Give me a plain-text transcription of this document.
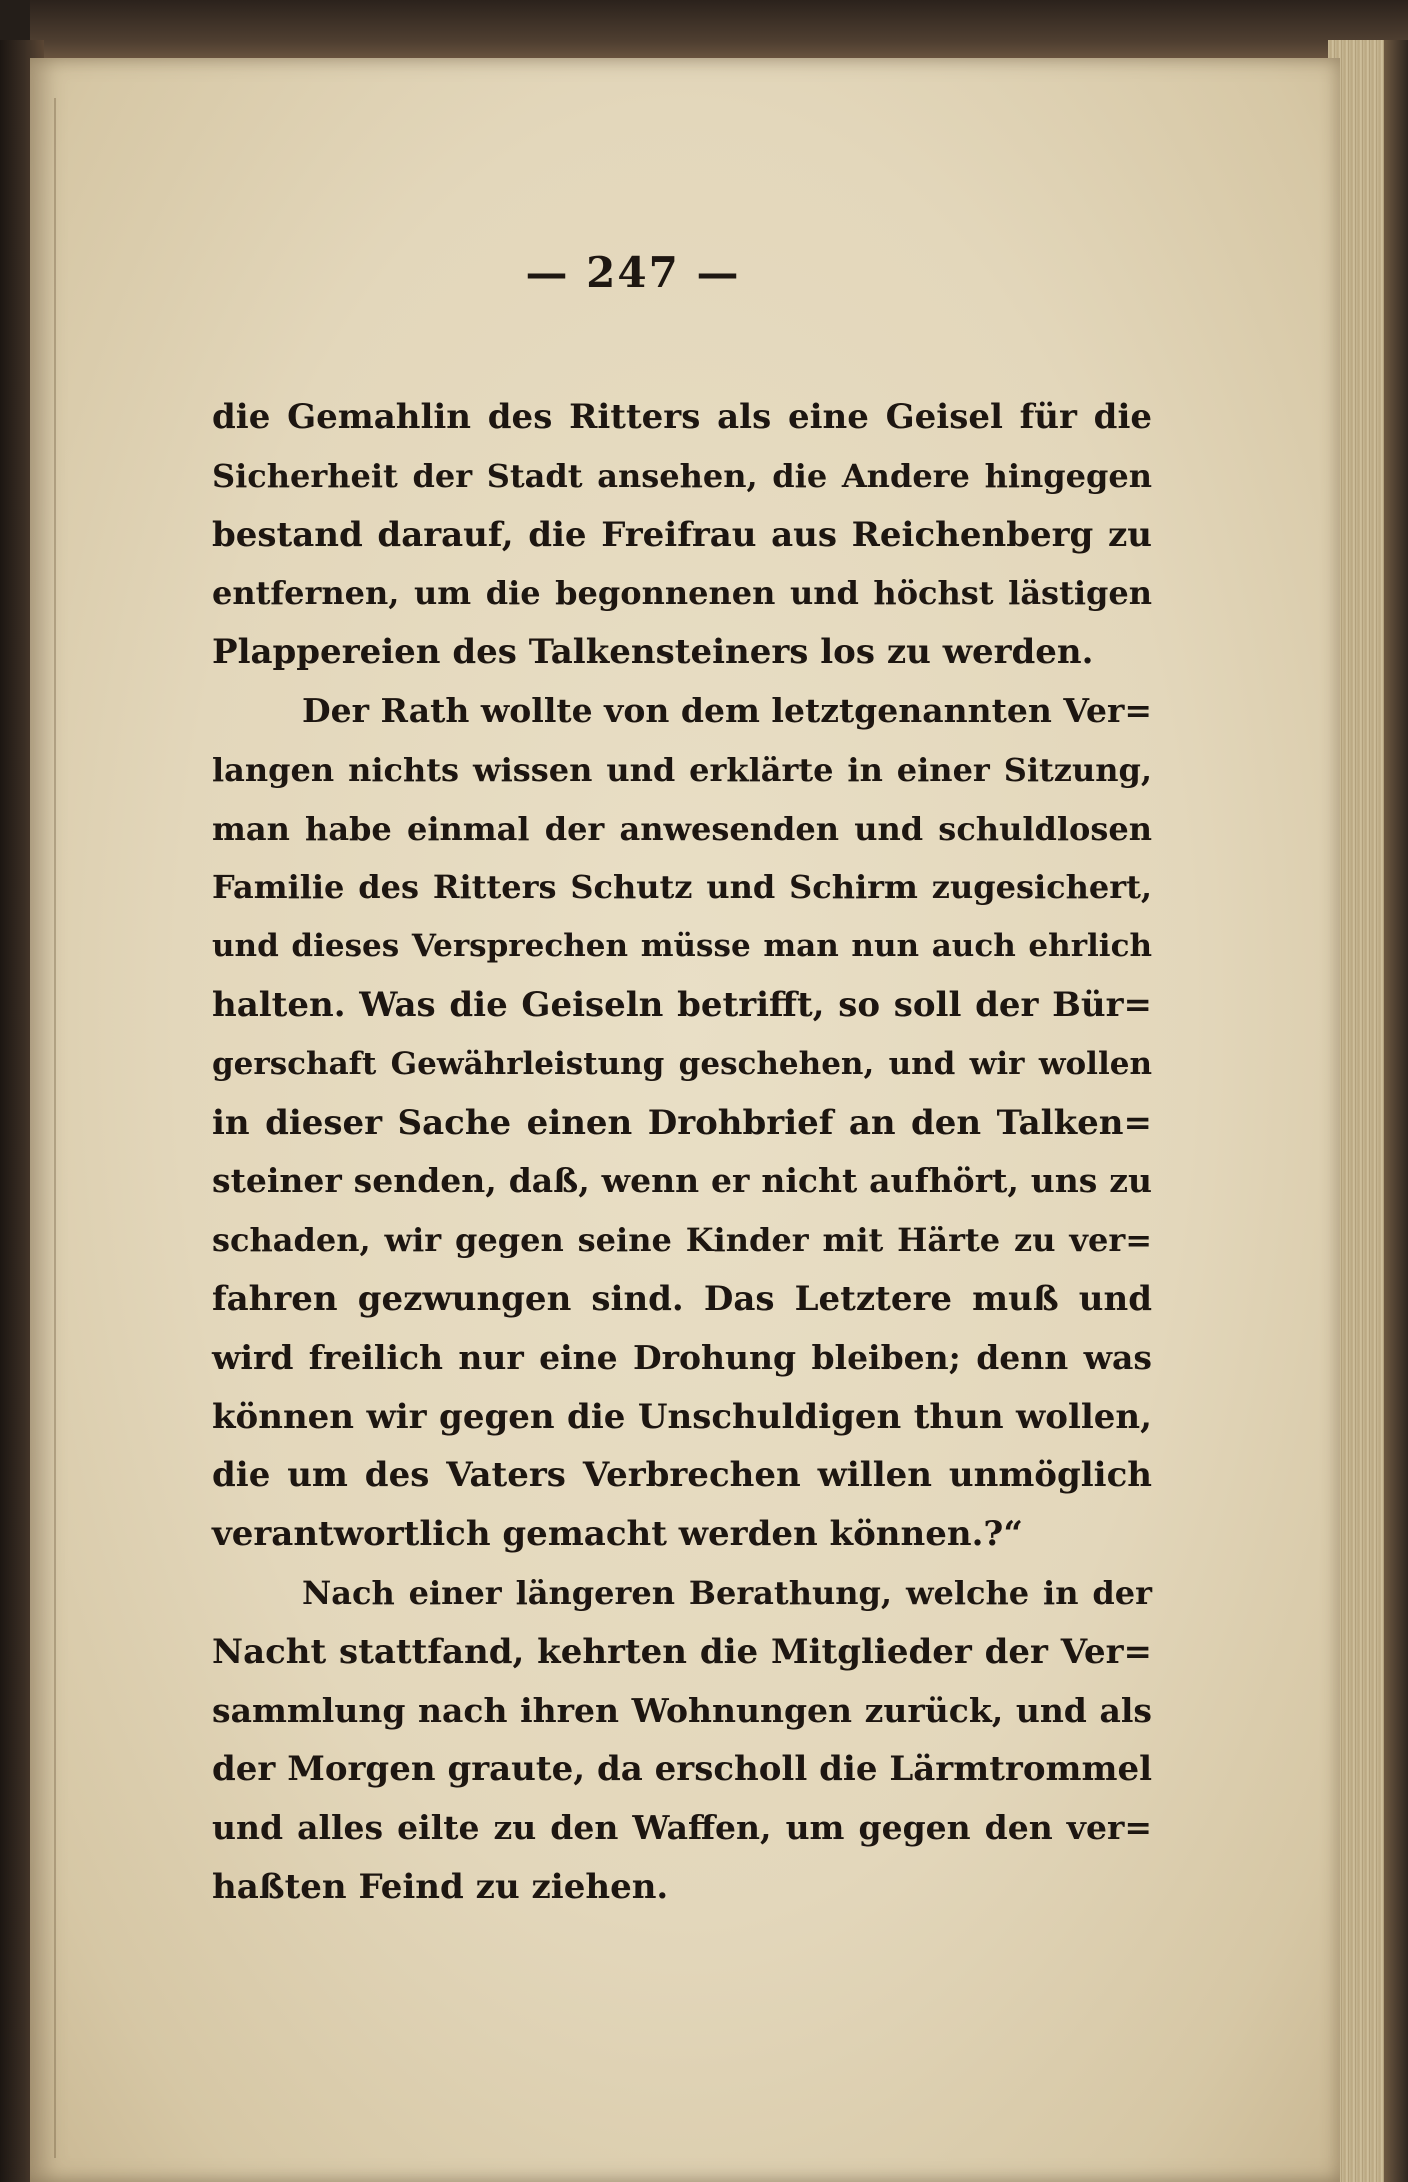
— 247 —
die Gemahlin des Ritters als eine Geisel für die
Sicherheit der Stadt ansehen, die Andere hingegen
bestand darauf, die Freifrau aus Reichenberg zu
entfernen, um die begonnenen und höchst lästigen
Plappereien des Talkensteiners los zu werden.
Der Rath wollte von dem letztgenannten Ver=
langen nichts wissen und erklärte in einer Sitzung,
man habe einmal der anwesenden und schuldlosen
Familie des Ritters Schutz und Schirm zugesichert,
und dieses Versprechen müsse man nun auch ehrlich
halten. Was die Geiseln betrifft, so soll der Bür=
gerschaft Gewährleistung geschehen, und wir wollen
in dieser Sache einen Drohbrief an den Talken=
steiner senden, daß, wenn er nicht aufhört, uns zu
schaden, wir gegen seine Kinder mit Härte zu ver=
fahren gezwungen sind. Das Letztere muß und
wird freilich nur eine Drohung bleiben; denn was
können wir gegen die Unschuldigen thun wollen,
die um des Vaters Verbrechen willen unmöglich
verantwortlich gemacht werden können.?“
Nach einer längeren Berathung, welche in der
Nacht stattfand, kehrten die Mitglieder der Ver=
sammlung nach ihren Wohnungen zurück, und als
der Morgen graute, da erscholl die Lärmtrommel
und alles eilte zu den Waffen, um gegen den ver=
haßten Feind zu ziehen.
